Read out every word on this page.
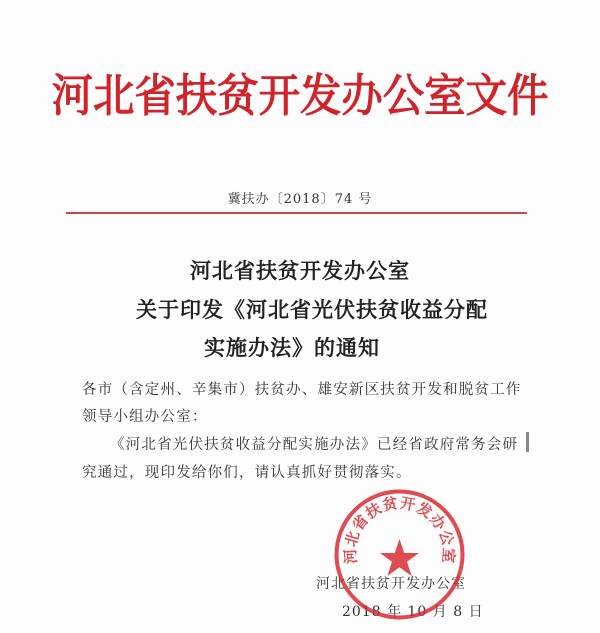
河北省扶贫开发办公室文件
冀扶办〔2018〕74 号
河北省扶贫开发办公室
关于印发《河北省光伏扶贫收益分配
实施办法》的通知
各市（含定州、辛集市）扶贫办、雄安新区扶贫开发和脱贫工作
领导小组办公室：
《河北省光伏扶贫收益分配实施办法》已经省政府常务会研
究通过，现印发给你们，请认真抓好贯彻落实。
河北省扶贫开发办公室
2018 年 10 月 8 日
河北省扶贫开发办公室
